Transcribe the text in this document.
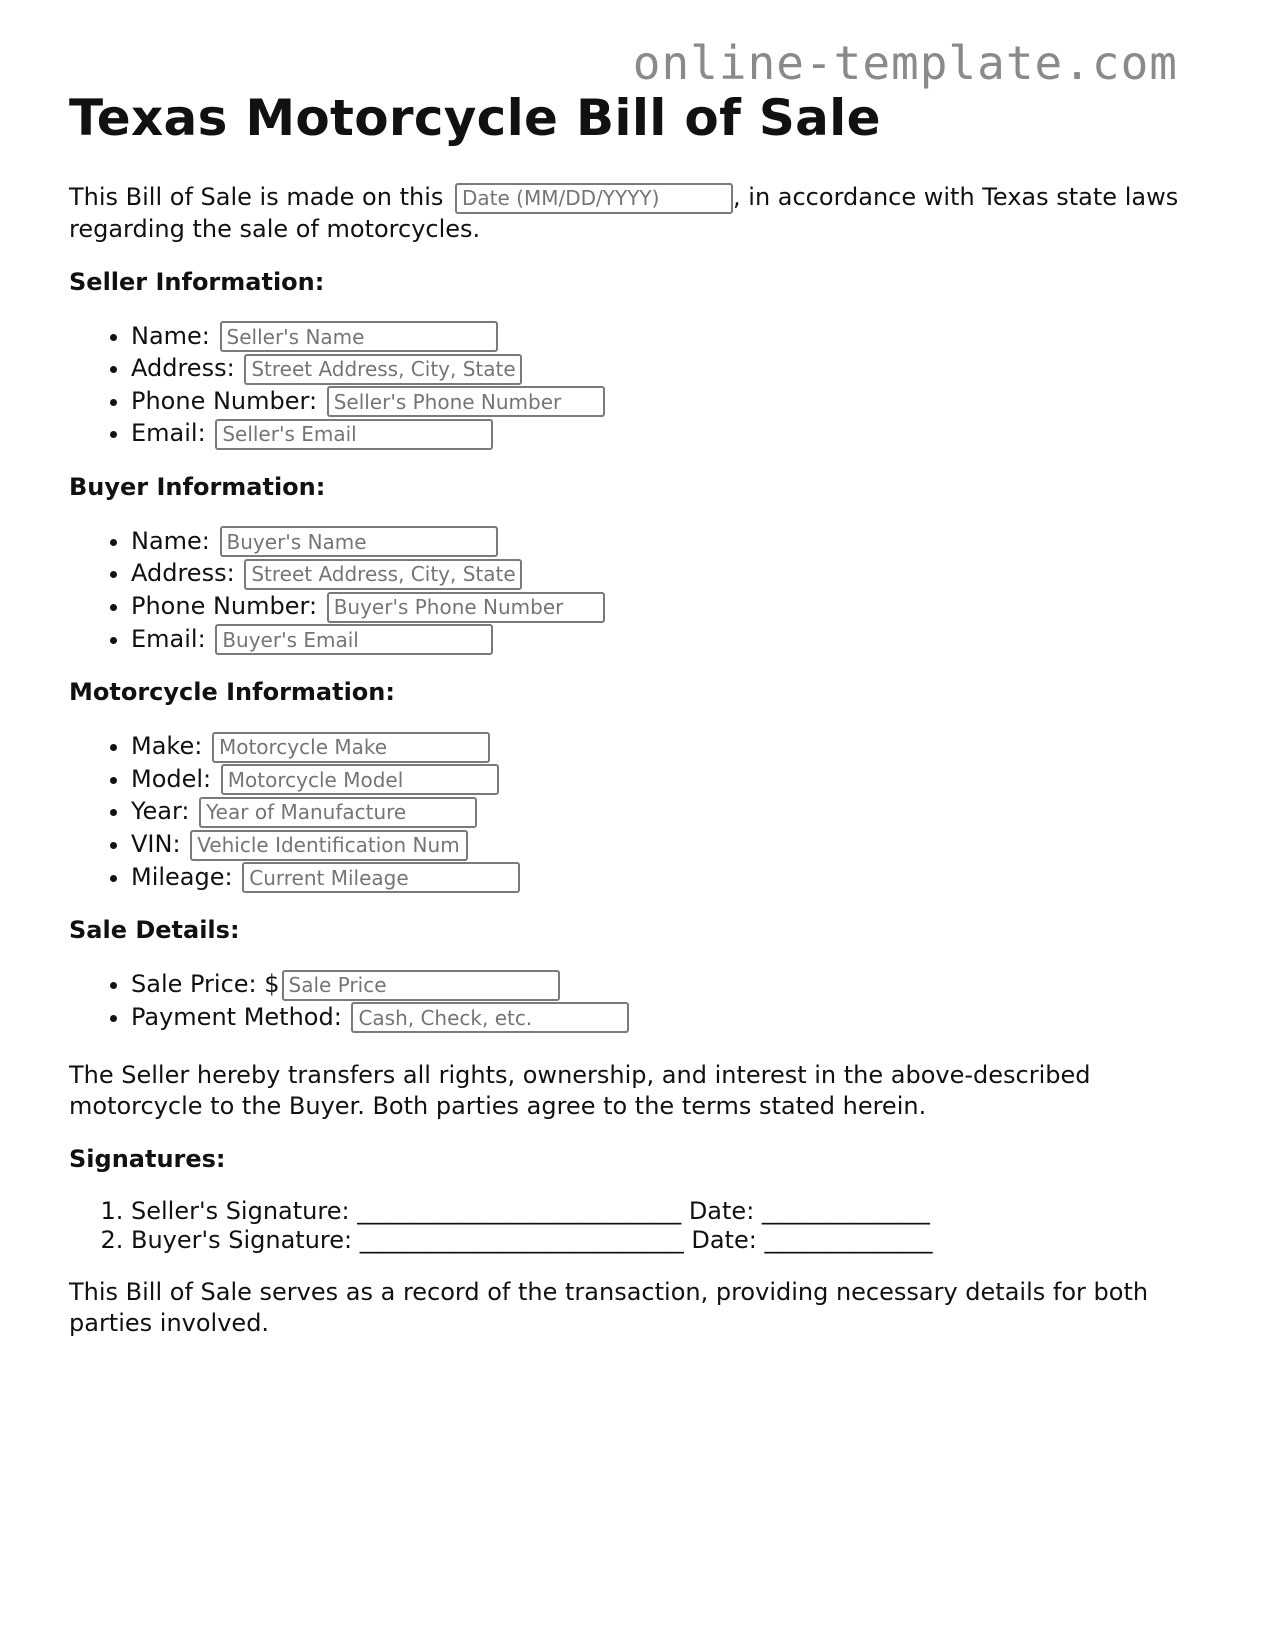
online-template.com
Texas Motorcycle Bill of Sale

This Bill of Sale is made on this Date (MM/DD/YYYY)	, in accordance with Texas state laws regarding the sale of motorcycles.

Seller Information:
• Name: Seller's Name
• Address: Street Address, City, State
• Phone Number: Seller's Phone Number
• Email: Seller's Email
Buyer Information:
• Name: Buyer's Name
• Address: Street Address, City, State
• Phone Number: Buyer's Phone Number
• Email: Buyer's Email
Motorcycle Information:
• Make: Motorcycle Make
• Model: Motorcycle Model
• Year: Year of Manufacture
• VIN: Vehicle Identification Number
• Mileage: Current Mileage
Sale Details:
• Sale Price: $Sale Price
• Payment Method: Cash, Check, etc.

The Seller hereby transfers all rights, ownership, and interest in the above-described motorcycle to the Buyer. Both parties agree to the terms stated herein.

Signatures:
1. Seller's Signature: ___________________________ Date: ______________
2. Buyer's Signature: ___________________________ Date: ______________

This Bill of Sale serves as a record of the transaction, providing necessary details for both parties involved.
